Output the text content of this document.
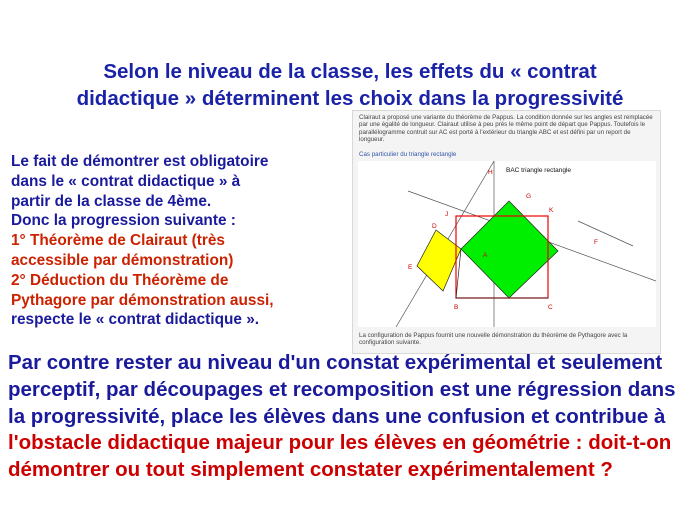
Selon le niveau de la classe, les effets du « contrat
didactique » déterminent les choix dans la progressivité
Le fait de démontrer est obligatoire
dans le « contrat didactique » à
partir de la classe de 4ème.
Donc la progression suivante :
1° Théorème de Clairaut (très
accessible par démonstration)
2° Déduction du Théorème de
Pythagore par démonstration aussi,
respecte le « contrat didactique ».
Clairaut a proposé une variante du théorème de Pappus. La condition donnée sur les angles est remplacée par une égalité de longueur. Clairaut utilise à peu près le même point de départ que Pappus. Toutefois le parallélogramme contruit sur AC est porté à l'extérieur du triangle ABC et est défini par un report de longueur.
Cas particulier du triangle rectangle
BAC triangle rectangle
H
G
K
J
D
F
A
E
B	C
La configuration de Pappus fournit une nouvelle démonstration du théorème de Pythagore avec la configuration suivante.
Par contre rester au niveau d'un constat expérimental et seulement perceptif, par découpages et recomposition est une régression dans la progressivité, place les élèves dans une confusion et contribue à l'obstacle didactique majeur pour les élèves en géométrie : doit-t-on démontrer ou tout simplement constater expérimentalement ?
